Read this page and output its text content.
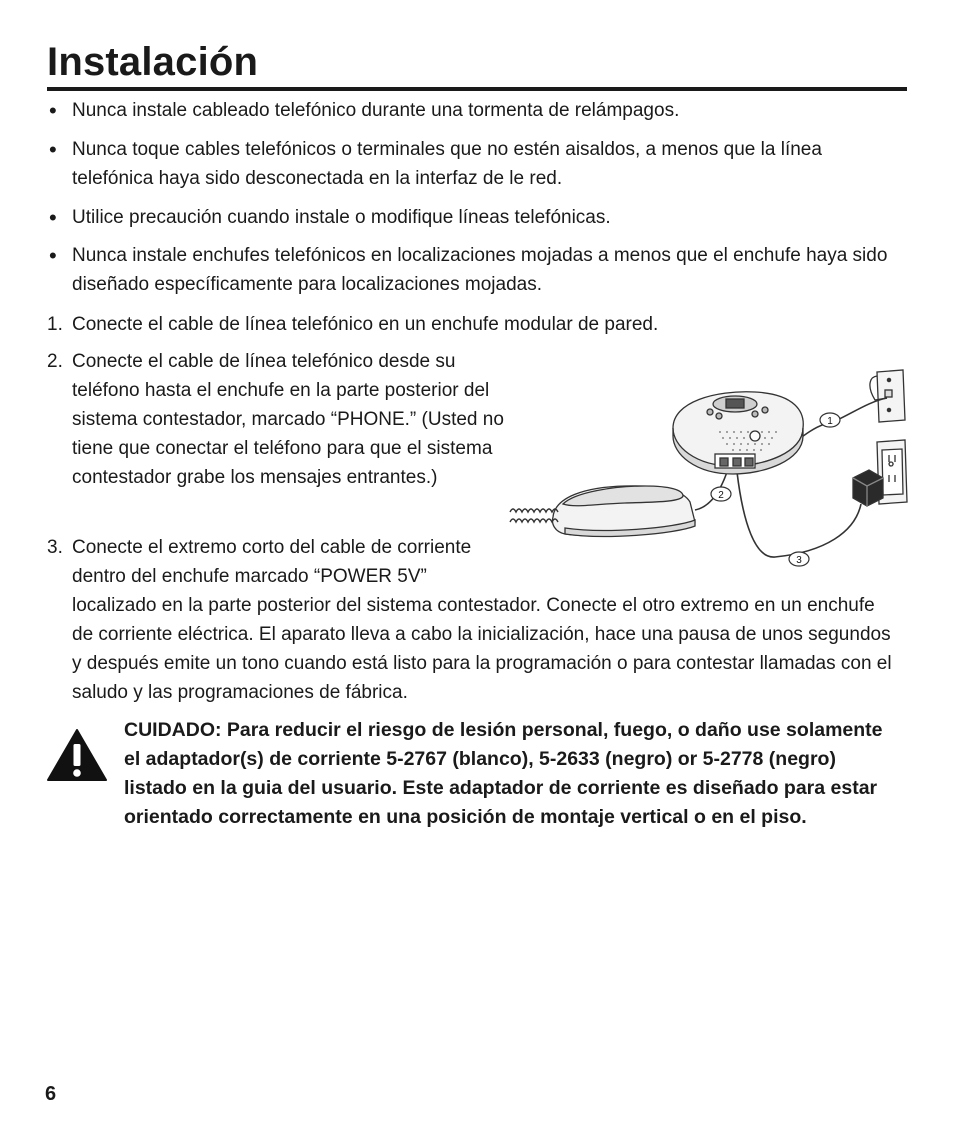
Instalación
• Nunca instale cableado telefónico durante una tormenta de relámpagos.

• Nunca toque cables telefónicos o terminales que no estén aisaldos, a menos que la línea telefónica haya sido desconectada en la interfaz de le red.

• Utilice precaución cuando instale o modifique líneas telefónicas.

• Nunca instale enchufes telefónicos en localizaciones mojadas a menos que el enchufe haya sido diseñado específicamente para localizaciones mojadas.

1. Conecte el cable de línea telefónico en un enchufe modular de pared.

2. Conecte el cable de línea telefónico desde su teléfono hasta el enchufe en la parte posterior del sistema contestador, marcado “PHONE.” (Usted no tiene que conectar el teléfono para que el sistema contestador grabe los mensajes entrantes.)

3. Conecte el extremo corto del cable de corriente

dentro del enchufe marcado “POWER 5V”

localizado en la parte posterior del sistema contestador. Conecte el otro extremo en un enchufe de corriente eléctrica. El aparato lleva a cabo la inicialización, hace una pausa de unos segundos y después emite un tono cuando está listo para la programación o para contestar llamadas con el saludo y las programaciones de fábrica.

1
2
3

CUIDADO: Para reducir el riesgo de lesión personal, fuego, o daño use solamente el adaptador(s) de corriente 5-2767 (blanco), 5-2633 (negro) or 5-2778 (negro) listado en la guia del usuario. Este adaptador de corriente es diseñado para estar orientado correctamente en una posición de montaje vertical o en el piso.

6
